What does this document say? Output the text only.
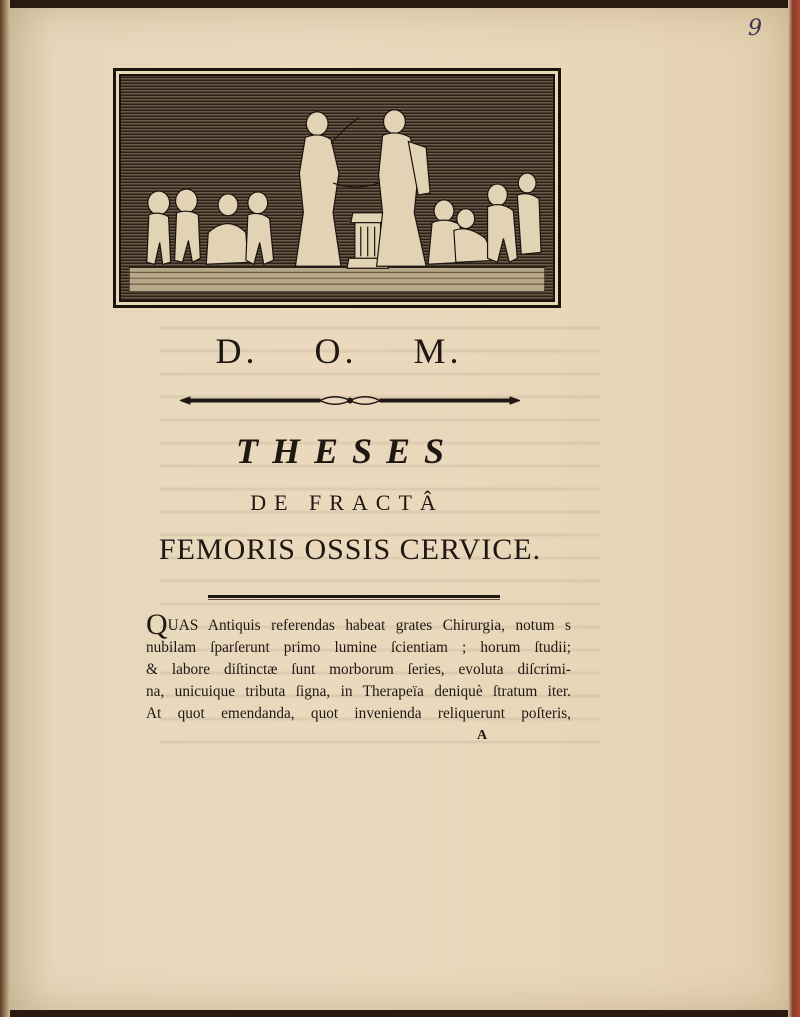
9
D. O. M.
THESES
DE FRACTÂ
FEMORIS OSSIS CERVICE.
QUAS Antiquis referendas habeat grates Chirurgia, notum s
nubilam ſparſerunt primo lumine ſcientiam ; horum ſtudii;
& labore diſtinctæ ſunt morborum ſeries, evoluta diſcrimi-
na, unicuique tributa ſigna, in Therapeïa deniquè ſtratum iter.
At quot emendanda, quot invenienda reliquerunt poſteris,
A
